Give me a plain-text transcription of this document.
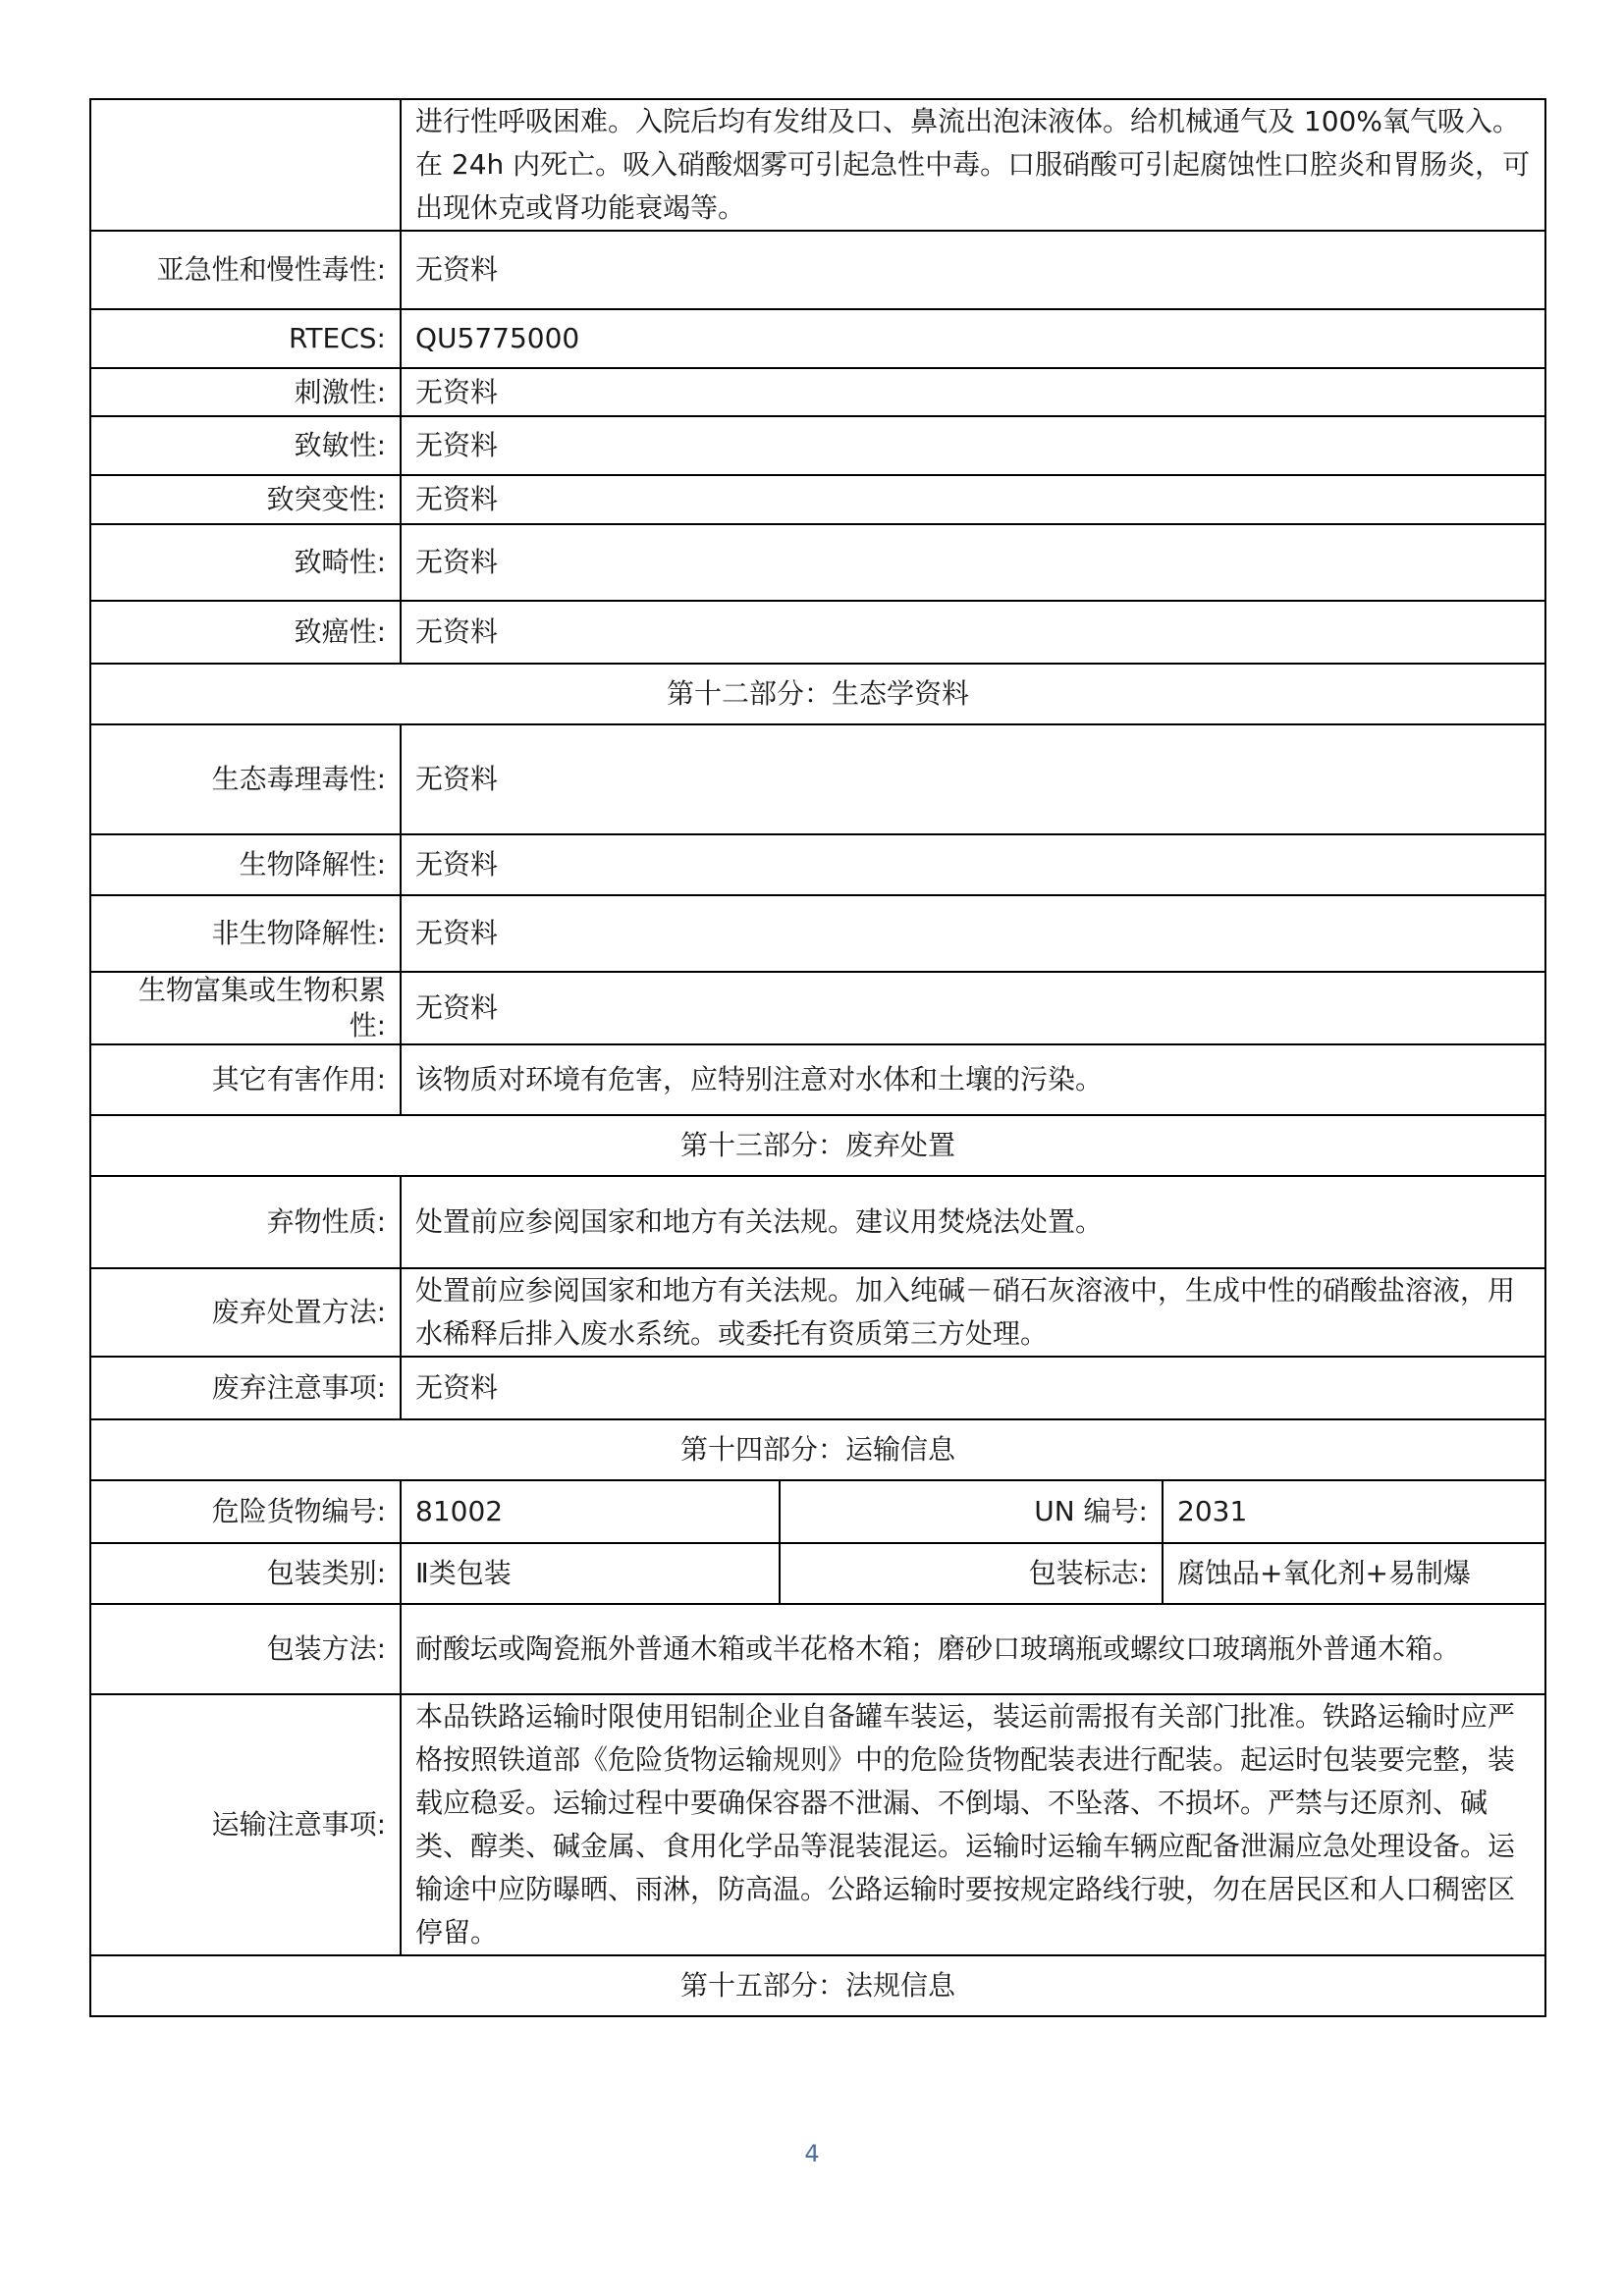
	进行性呼吸困难。入院后均有发绀及口、鼻流出泡沫液体。给机械通气及 100%氧气吸入。在 24h 内死亡。吸入硝酸烟雾可引起急性中毒。口服硝酸可引起腐蚀性口腔炎和胃肠炎，可出现休克或肾功能衰竭等。		
亚急性和慢性毒性:	无资料		
RTECS:	QU5775000		
刺激性:	无资料		
致敏性:	无资料		
致突变性:	无资料		
致畸性:	无资料		
致癌性:	无资料		
第十二部分：生态学资料			
生态毒理毒性:	无资料		
生物降解性:	无资料		
非生物降解性:	无资料		
生物富集或生物积累性:	无资料		
其它有害作用:	该物质对环境有危害，应特别注意对水体和土壤的污染。		
第十三部分：废弃处置			
弃物性质:	处置前应参阅国家和地方有关法规。建议用焚烧法处置。		
废弃处置方法:	处置前应参阅国家和地方有关法规。加入纯碱－硝石灰溶液中，生成中性的硝酸盐溶液，用水稀释后排入废水系统。或委托有资质第三方处理。		
废弃注意事项:	无资料		
第十四部分：运输信息			
危险货物编号:	81002	UN 编号:	2031
包装类别:	Ⅱ类包装	包装标志:	腐蚀品+氧化剂+易制爆
包装方法:	耐酸坛或陶瓷瓶外普通木箱或半花格木箱；磨砂口玻璃瓶或螺纹口玻璃瓶外普通木箱。		
运输注意事项:	本品铁路运输时限使用铝制企业自备罐车装运，装运前需报有关部门批准。铁路运输时应严格按照铁道部《危险货物运输规则》中的危险货物配装表进行配装。起运时包装要完整，装载应稳妥。运输过程中要确保容器不泄漏、不倒塌、不坠落、不损坏。严禁与还原剂、碱类、醇类、碱金属、食用化学品等混装混运。运输时运输车辆应配备泄漏应急处理设备。运输途中应防曝晒、雨淋，防高温。公路运输时要按规定路线行驶，勿在居民区和人口稠密区停留。		
第十五部分：法规信息			
4
